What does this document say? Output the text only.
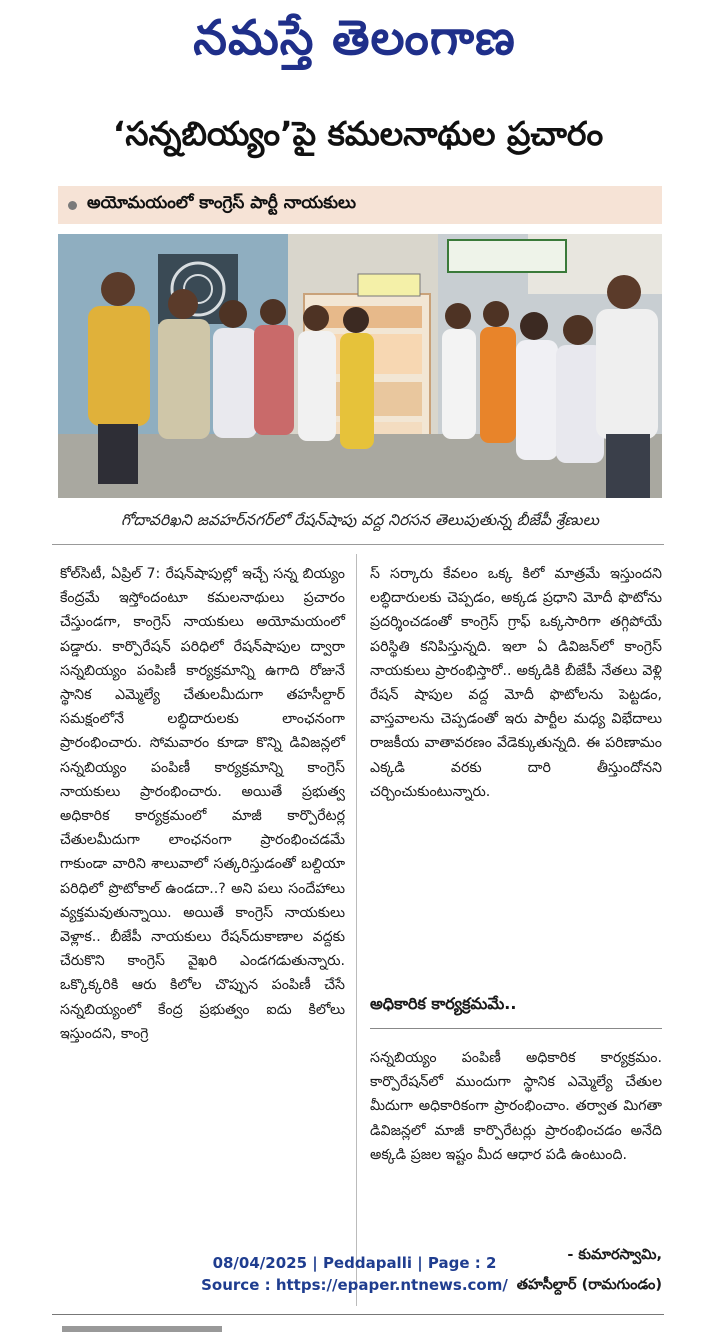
నమస్తే తెలంగాణ
‘సన్నబియ్యం’పై కమలనాథుల ప్రచారం
అయోమయంలో కాంగ్రెస్ పార్టీ నాయకులు
గోదావరిఖని జవహర్‌నగర్‌లో రేషన్‌షాపు వద్ద నిరసన తెలుపుతున్న బీజేపీ శ్రేణులు
కోల్‌సిటీ, ఏప్రిల్ 7: రేషన్‌షాపుల్లో ఇచ్చే సన్న బియ్యం కేంద్రమే ఇస్తోందంటూ కమలనాథులు ప్రచారం చేస్తుండగా, కాంగ్రెస్ నాయకులు అయోమయంలో పడ్డారు. కార్పొరేషన్ పరిధిలో రేషన్‌షాపుల ద్వారా సన్నబియ్యం పంపిణీ కార్యక్రమాన్ని ఉగాది రోజునే స్థానిక ఎమ్మెల్యే చేతులమీదుగా తహసీల్దార్ సమక్షంలోనే లబ్ధిదారులకు లాంఛనంగా ప్రారంభించారు. సోమవారం కూడా కొన్ని డివిజన్లలో సన్నబియ్యం పంపిణీ కార్యక్రమాన్ని కాంగ్రెస్ నాయకులు ప్రారంభించారు. అయితే ప్రభుత్వ అధికారిక కార్యక్రమంలో మాజీ కార్పొరేటర్ల చేతులమీదుగా లాంఛనంగా ప్రారంభించడమే గాకుండా వారిని శాలువాలో సత్కరిస్తుడంతో బల్దియా పరిధిలో ప్రొటోకాల్ ఉండదా..? అని పలు సందేహాలు వ్యక్తమవుతున్నాయి. అయితే కాంగ్రెస్ నాయకులు వెళ్లాక.. బీజేపీ నాయకులు రేషన్‌దుకాణాల వద్దకు చేరుకొని కాంగ్రెస్ వైఖరి ఎండగడుతున్నారు. ఒక్కొక్కరికి ఆరు కిలోల చొప్పున పంపిణీ చేసే సన్నబియ్యంలో కేంద్ర ప్రభుత్వం ఐదు కిలోలు ఇస్తుందని, కాంగ్రె
స్ సర్కారు కేవలం ఒక్క కిలో మాత్రమే ఇస్తుందని లబ్ధిదారులకు చెప్పడం, అక్కడ ప్రధాని మోదీ ఫొటోను ప్రదర్శించడంతో కాంగ్రెస్ గ్రాఫ్ ఒక్కసారిగా తగ్గిపోయే పరిస్థితి కనిపిస్తున్నది. ఇలా ఏ డివిజన్‌లో కాంగ్రెస్ నాయకులు ప్రారంభిస్తారో.. అక్కడికి బీజేపీ నేతలు వెళ్లి రేషన్ షాపుల వద్ద మోదీ ఫొటోలను పెట్టడం, వాస్తవాలను చెప్పడంతో ఇరు పార్టీల మధ్య విభేదాలు రాజకీయ వాతావరణం వేడెక్కుతున్నది. ఈ పరిణామం ఎక్కడి వరకు దారి తీస్తుందోనని చర్చించుకుంటున్నారు.
అధికారిక కార్యక్రమమే..
సన్నబియ్యం పంపిణీ అధికారిక కార్యక్రమం. కార్పొరేషన్‌లో ముందుగా స్థానిక ఎమ్మెల్యే చేతుల మీదుగా అధికారికంగా ప్రారంభించాం. తర్వాత మిగతా డివిజన్లలో మాజీ కార్పొరేటర్లు ప్రారంభించడం అనేది అక్కడి ప్రజల ఇష్టం మీద ఆధార పడి ఉంటుంది.
- కుమారస్వామి,
తహసీల్దార్ (రామగుండం)
08/04/2025 | Peddapalli | Page : 2
Source : https://epaper.ntnews.com/
